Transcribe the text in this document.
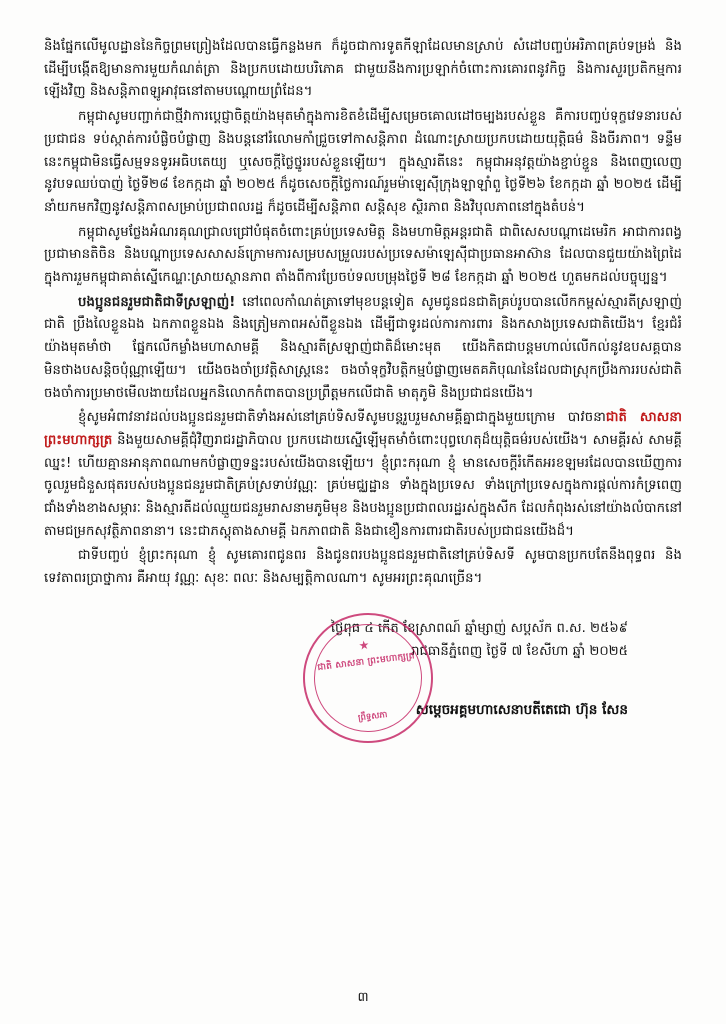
និងផ្នែកលើមូលដ្ឋាននៃកិច្ចព្រមព្រៀងដែលបានធ្វើកន្លងមក ក៏ដូចជាការទូតកីឡាដែលមានស្រាប់ សំដៅបញ្ចប់អរិភាពគ្រប់ទម្រង់ និងដើម្បីបង្កើតឱ្យមានការមួយកំណត់ត្រា និងប្រកបដោយបរិភោគ ជាមួយនឹងការប្រឡាក់ចំពោះការគោរពនូវកិច្ច និងការសួរប្រតិកម្មការឡើងវិញ និងសន្តិភាពឡូអាវុធនៅតាមបណ្ដោយព្រំដែន។

កម្ពុជាសូមបញ្ជាក់ជាថ្មីវាការប្ដេជ្ញាចិត្តយ៉ាងមុតមាំក្នុងការខិតខំដើម្បីសម្រេចគោលដៅចម្បងរបស់ខ្លួន គឺការបញ្ចប់ទុក្ខវេទនារបស់ប្រជាជន ទប់ស្កាត់ការបំផ្លិចបំផ្លាញ និងបន្ដនៅរំលោមកាំជ្រួចទៅកាសន្តិភាព ដំណោះស្រាយប្រកបដោយយុត្តិធម៌ និងចីរភាព។ ទន្ទឹមនេះកម្ពុជាមិនធ្វើសម្មទនទូរអធិបតេយ្យ ឬសេចក្ដីថ្លៃថ្នូររបស់ខ្លួនឡើយ។ ក្នុងស្មារតីនេះ កម្ពុជាអនុវត្តយ៉ាងខ្ជាប់ខ្ជួន និងពេញលេញនូវបទឈប់បាញ់ ថ្ងៃទី២៨ ខែកក្កដា ឆ្នាំ ២០២៥ ក៏ដូចសេចក្ដីថ្លៃការណ៍រួមម៉ាឡេស៊ីក្រុងឡាឡាំពួ ថ្ងៃទី២៦ ខែកក្កដា ឆ្នាំ ២០២៥ ដើម្បីនាំយកមកវិញនូវសន្តិភាពសម្រាប់ប្រជាពលរដ្ឋ ក៏ដូចដើម្បីសន្តិភាព សន្តិសុខ ស្ថិរភាព និងវិបុលភាពនៅក្នុងតំបន់។

កម្ពុជាសូមថ្លែងអំណរគុណជ្រាលជ្រៅបំផុតចំពោះគ្រប់ប្រទេសមិត្ត និងមហាមិត្តអន្តរជាតិ ជាពិសេសបណ្ដាដេមេរិក អាជាការពង្វប្រជាមានតិចិន និងបណ្ដាប្រទេសសាសន៍ក្រោមការសម្របសម្រួលរបស់ប្រទេសម៉ាឡេស៊ីជាប្រធានអាស៊ាន ដែលបានជួយយ៉ាងព្រៃដៃ ក្នុងការរួមកម្ពុជាគាត់ស្នើកេណ្ហៈស្រាយស្ថានភាព តាំងពីការប្រែចប់ទលបម្រុងថ្ងៃទី ២៨ ខែកក្កដា ឆ្នាំ ២០២៥ ហួតមកដល់បច្ចុប្បន្ន។

បងប្អូនជនរួមជាតិជាទីស្រឡាញ់! នៅពេលកាំណត់ត្រាទៅមុខបន្ដទៀត សូមជូនជនជាតិគ្រប់រូបបានលើកកម្ពស់ស្មារតីស្រឡាញ់ជាតិ ប្រឹងលៃខ្លួនឯង ឯកភាពខ្លួនឯង និងត្រៀមភាពអស់ពីខ្លួនឯង ដើម្បីជាទូរដល់ការការពារ និងកសាងប្រទេសជាតិយើង។ ខ្មែរជំរំយ៉ាងមុតមាំថា ផ្នែកលើកម្លាំងមហាសាមគ្គី និងស្មារតីស្រឡាញ់ជាតិដ៏មោះមុត យើងកិតជាបន្ដមហាល់លើកល់នូវឧបសគ្គបាន មិនថាងបសន្ដិចបុំណ្ណាឡើយ។ យើងចងចាំប្រវត្តិសាស្ត្រនេះ ចងចាំទុក្ខវិបត្តិកម្មបំផ្លាញមេតគភិបុណនៃដែលជាស្រុកប្រឹងការរបស់ជាតិ ចងចាំការប្រមាថមើលងាយដែលអ្នកនិលោកកំពាតបានប្រព្រឹត្តមកលើជាតិ មាតុភូមិ និងប្រជាជនយើង។

ខ្ញុំសូមអំពាវនាវដល់បងប្អូនជនរួមជាតិទាំងអស់នៅគ្រប់ទិសទីសូមបន្ដរួបរួមសាមគ្គីគ្នាជាក្នុងមួយក្រោម បាវចនាជាតិ សាសនា ព្រះមហាក្សត្រ និងមួយសាមគ្គីជុំវិញរាជរដ្ឋាភិបាល ប្រកបដោយស្នើឡើមុតមាំចំពោះបុព្វហេតុដ៏យុត្តិធម៌របស់យើង។ សាមគ្គីរស់ សាមគ្គីឈ្នះ! ហើយគ្មានអានុភាពណាមកបំផ្លាញទន្នះរបស់យើងបានឡើយ។ ខ្ញុំព្រះករុណា ខ្ញុំ មានសេចក្ដីរំកើតអរខឡមរដែលបានឃើញការចូលរួមជំនួសផុតរបស់បងប្អូនជនរួមជាតិគ្រប់ស្រទាប់វណ្ណៈ គ្រប់មជ្ឈដ្ឋាន ទាំងក្នុងប្រទេស ទាំងក្រៅប្រទេសក្នុងការផ្ដល់ការកំទ្រពេញជាំងទាំងខាងសម្ភារៈ និងស្មារតីដល់ឈ្មួយជនរួមរាសនាមភូមិមុខ និងបងប្អូនប្រជាពលរដ្ឋរស់ក្នុងសីក ដែលកំពុងរស់នៅយ៉ាងលំបាកនៅតាមជម្រកសុវត្ថិភាពនានា។ នេះជាភស្ដុតាងសាមគ្គី ឯកភាពជាតិ និងជាខឿនការពារជាតិរបស់ប្រជាជនយើងដ៏។

ជាទីបញ្ចប់ ខ្ញុំព្រះករុណា ខ្ញុំ សូមគោរពជូនពរ និងជូនពរបងប្អូនជនរួមជាតិនៅគ្រប់ទិសទី សូមបានប្រកបតែនឹងពុទ្ធពរ និងទេវតាពរប្រាថ្នាការ គឺអាយុ វណ្ណៈ សុខៈ ពលៈ និងសម្បត្តិកាលណា។ សូមអរព្រះគុណច្រើន។

ថ្ងៃពុធ ៤ កើត ខែស្រាពណ៍ ឆ្នាំម្សាញ់ សប្ដស័ក ព.ស. ២៥៦៩
រាជធានីភ្នំពេញ ថ្ងៃទី ៧ ខែសីហា ឆ្នាំ ២០២៥
★
ជាតិ សាសនា ព្រះមហាក្សត្រ
ព្រឹទ្ធសភា	សម្ដេចអគ្គមហាសេនាបតីតេជោ ហ៊ុន សែន
៣
